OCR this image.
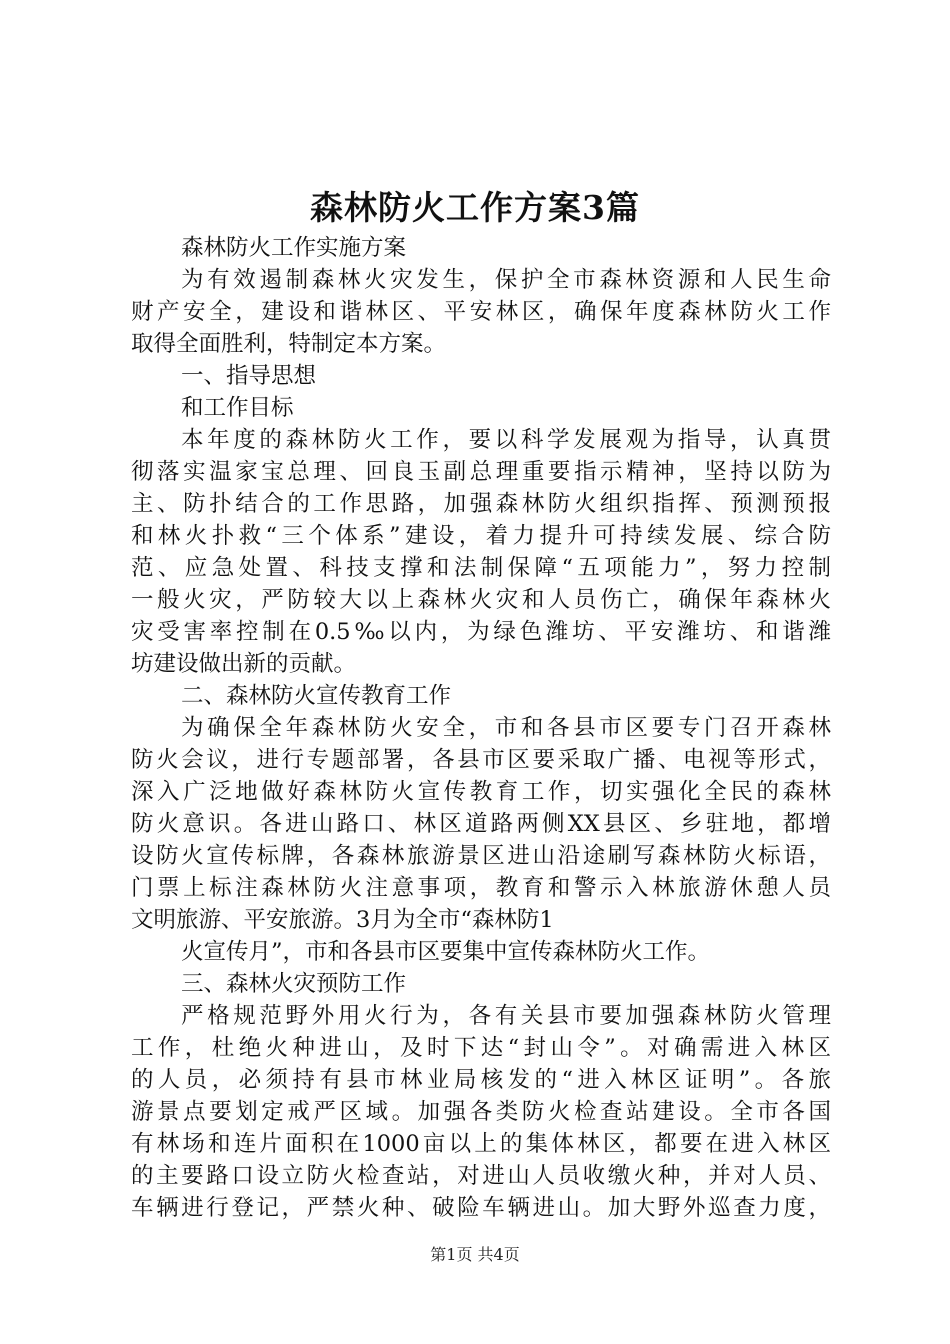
森林防火工作方案3篇
森林防火工作实施方案
为有效遏制森林火灾发生，保护全市森林资源和人民生命
财产安全，建设和谐林区、平安林区，确保年度森林防火工作
取得全面胜利，特制定本方案。
一、指导思想
和工作目标
本年度的森林防火工作，要以科学发展观为指导，认真贯
彻落实温家宝总理、回良玉副总理重要指示精神，坚持以防为
主、防扑结合的工作思路，加强森林防火组织指挥、预测预报
和林火扑救“三个体系”建设，着力提升可持续发展、综合防
范、应急处置、科技支撑和法制保障“五项能力”，努力控制
一般火灾，严防较大以上森林火灾和人员伤亡，确保年森林火
灾受害率控制在0.5‰以内，为绿色潍坊、平安潍坊、和谐潍
坊建设做出新的贡献。
二、森林防火宣传教育工作
为确保全年森林防火安全，市和各县市区要专门召开森林
防火会议，进行专题部署，各县市区要采取广播、电视等形式，
深入广泛地做好森林防火宣传教育工作，切实强化全民的森林
防火意识。各进山路口、林区道路两侧XX县区、乡驻地，都增
设防火宣传标牌，各森林旅游景区进山沿途刷写森林防火标语，
门票上标注森林防火注意事项，教育和警示入林旅游休憩人员
文明旅游、平安旅游。3月为全市“森林防1
火宣传月”，市和各县市区要集中宣传森林防火工作。
三、森林火灾预防工作
严格规范野外用火行为，各有关县市要加强森林防火管理
工作，杜绝火种进山，及时下达“封山令”。对确需进入林区
的人员，必须持有县市林业局核发的“进入林区证明”。各旅
游景点要划定戒严区域。加强各类防火检查站建设。全市各国
有林场和连片面积在1000亩以上的集体林区，都要在进入林区
的主要路口设立防火检查站，对进山人员收缴火种，并对人员、
车辆进行登记，严禁火种、破险车辆进山。加大野外巡查力度，
第1页 共4页
